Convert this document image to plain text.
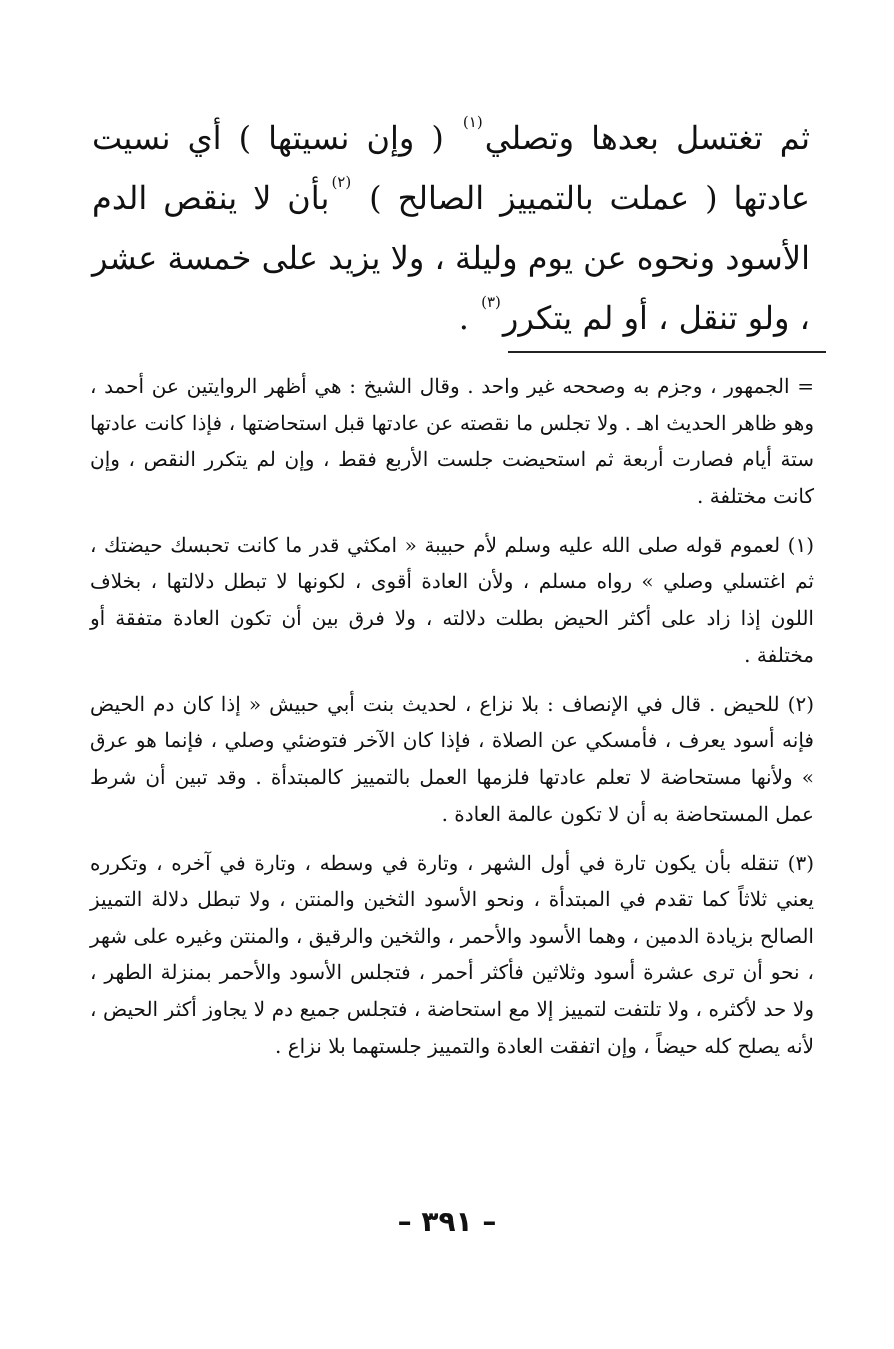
ثم تغتسل بعدها وتصلي$^{(١)}$ ( وإن نسيتها ) أي نسيت عادتها ( عملت بالتمييز الصالح ) $^{(٢)}$بأن لا ينقص الدم الأسود ونحوه عن يوم وليلة ، ولا يزيد على خمسة عشر ، ولو تنقل ، أو لم يتكرر$^{(٣)}$ .

= الجمهور ، وجزم به وصححه غير واحد . وقال الشيخ : هي أظهر الروايتين عن أحمد ، وهو ظاهر الحديث اهـ . ولا تجلس ما نقصته عن عادتها قبل استحاضتها ، فإذا كانت عادتها ستة أيام فصارت أربعة ثم استحيضت جلست الأربع فقط ، وإن لم يتكرر النقص ، وإن كانت مختلفة .

(١) لعموم قوله صلى الله عليه وسلم لأم حبيبة « امكثي قدر ما كانت تحبسك حيضتك ، ثم اغتسلي وصلي » رواه مسلم ، ولأن العادة أقوى ، لكونها لا تبطل دلالتها ، بخلاف اللون إذا زاد على أكثر الحيض بطلت دلالته ، ولا فرق بين أن تكون العادة متفقة أو مختلفة .

(٢) للحيض . قال في الإنصاف : بلا نزاع ، لحديث بنت أبي حبيش « إذا كان دم الحيض فإنه أسود يعرف ، فأمسكي عن الصلاة ، فإذا كان الآخر فتوضئي وصلي ، فإنما هو عرق » ولأنها مستحاضة لا تعلم عادتها فلزمها العمل بالتمييز كالمبتدأة . وقد تبين أن شرط عمل المستحاضة به أن لا تكون عالمة العادة .

(٣) تنقله بأن يكون تارة في أول الشهر ، وتارة في وسطه ، وتارة في آخره ، وتكرره يعني ثلاثاً كما تقدم في المبتدأة ، ونحو الأسود الثخين والمنتن ، ولا تبطل دلالة التمييز الصالح بزيادة الدمين ، وهما الأسود والأحمر ، والثخين والرقيق ، والمنتن وغيره على شهر ، نحو أن ترى عشرة أسود وثلاثين فأكثر أحمر ، فتجلس الأسود والأحمر بمنزلة الطهر ، ولا حد لأكثره ، ولا تلتفت لتمييز إلا مع استحاضة ، فتجلس جميع دم لا يجاوز أكثر الحيض ، لأنه يصلح كله حيضاً ، وإن اتفقت العادة والتمييز جلستهما بلا نزاع .

– ٣٩١ –
